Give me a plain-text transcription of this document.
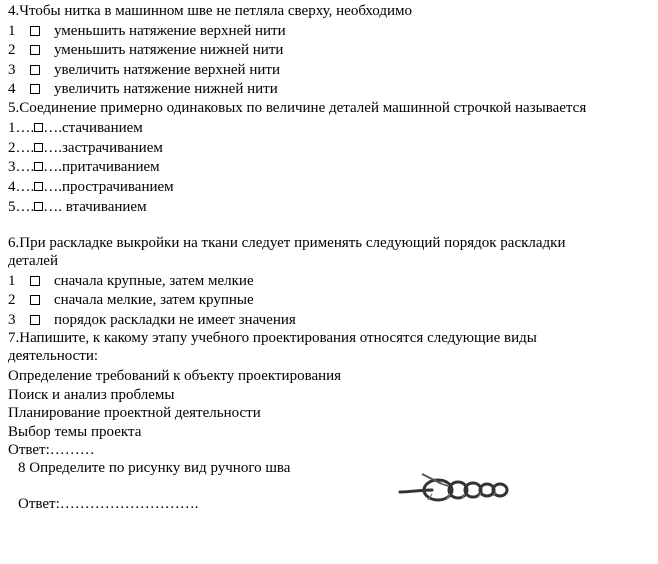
4.Чтобы нитка в машинном шве не петляла сверху, необходимо
1	уменьшить натяжение верхней нити
2	уменьшить натяжение нижней нити
3	увеличить натяжение верхней нити
4	увеличить натяжение нижней нити
5.Соединение примерно одинаковых по величине деталей машинной строчкой называется
1…. ….стачиванием
2…. ….застрачиванием
3…. ….притачиванием
4…. ….прострачиванием
5…. …. втачиванием
6.При раскладке выкройки на ткани следует применять следующий порядок раскладки
деталей
1	сначала крупные, затем мелкие
2	сначала мелкие, затем крупные
3	порядок раскладки не имеет значения
7.Напишите, к какому этапу учебного проектирования относятся следующие виды
деятельности:
Определение требований к объекту проектирования
Поиск и анализ проблемы
Планирование проектной деятельности
Выбор темы проекта
Ответ:………
8 Определите по рисунку вид ручного шва
Ответ:……………………….
